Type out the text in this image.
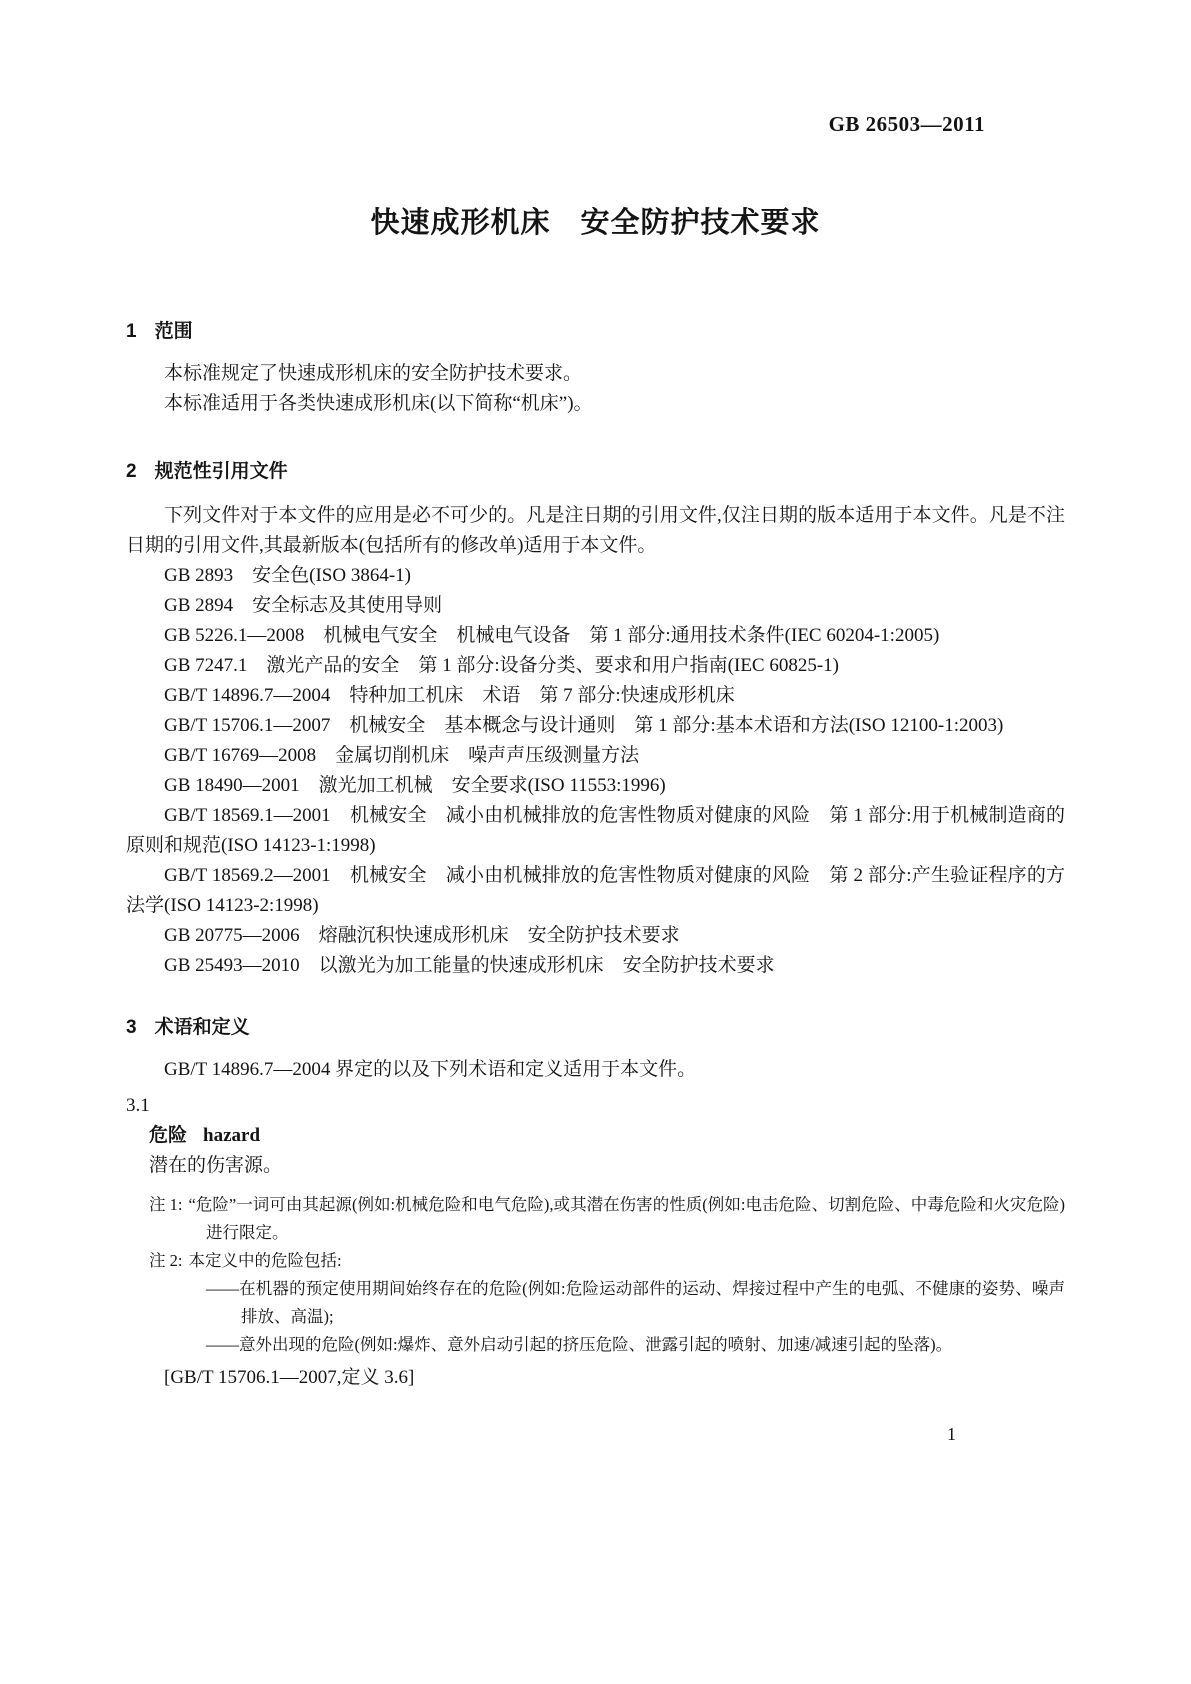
GB 26503—2011
快速成形机床　安全防护技术要求
1 范围

本标准规定了快速成形机床的安全防护技术要求。

本标准适用于各类快速成形机床(以下简称“机床”)。

2 规范性引用文件

下列文件对于本文件的应用是必不可少的。凡是注日期的引用文件,仅注日期的版本适用于本文件。凡是不注日期的引用文件,其最新版本(包括所有的修改单)适用于本文件。

GB 2893　安全色(ISO 3864-1)

GB 2894　安全标志及其使用导则

GB 5226.1—2008　机械电气安全　机械电气设备　第 1 部分:通用技术条件(IEC 60204-1:2005)

GB 7247.1　激光产品的安全　第 1 部分:设备分类、要求和用户指南(IEC 60825-1)

GB/T 14896.7—2004　特种加工机床　术语　第 7 部分:快速成形机床

GB/T 15706.1—2007　机械安全　基本概念与设计通则　第 1 部分:基本术语和方法(ISO 12100-1:2003)

GB/T 16769—2008　金属切削机床　噪声声压级测量方法

GB 18490—2001　激光加工机械　安全要求(ISO 11553:1996)

GB/T 18569.1—2001　机械安全　减小由机械排放的危害性物质对健康的风险　第 1 部分:用于机械制造商的原则和规范(ISO 14123-1:1998)

GB/T 18569.2—2001　机械安全　减小由机械排放的危害性物质对健康的风险　第 2 部分:产生验证程序的方法学(ISO 14123-2:1998)

GB 20775—2006　熔融沉积快速成形机床　安全防护技术要求

GB 25493—2010　以激光为加工能量的快速成形机床　安全防护技术要求

3 术语和定义

GB/T 14896.7—2004 界定的以及下列术语和定义适用于本文件。

3.1

危险 hazard

潜在的伤害源。

注 1: “危险”一词可由其起源(例如:机械危险和电气危险),或其潜在伤害的性质(例如:电击危险、切割危险、中毒危险和火灾危险)进行限定。

注 2: 本定义中的危险包括:

——在机器的预定使用期间始终存在的危险(例如:危险运动部件的运动、焊接过程中产生的电弧、不健康的姿势、噪声排放、高温);

——意外出现的危险(例如:爆炸、意外启动引起的挤压危险、泄露引起的喷射、加速/减速引起的坠落)。

[GB/T 15706.1—2007,定义 3.6]

1
